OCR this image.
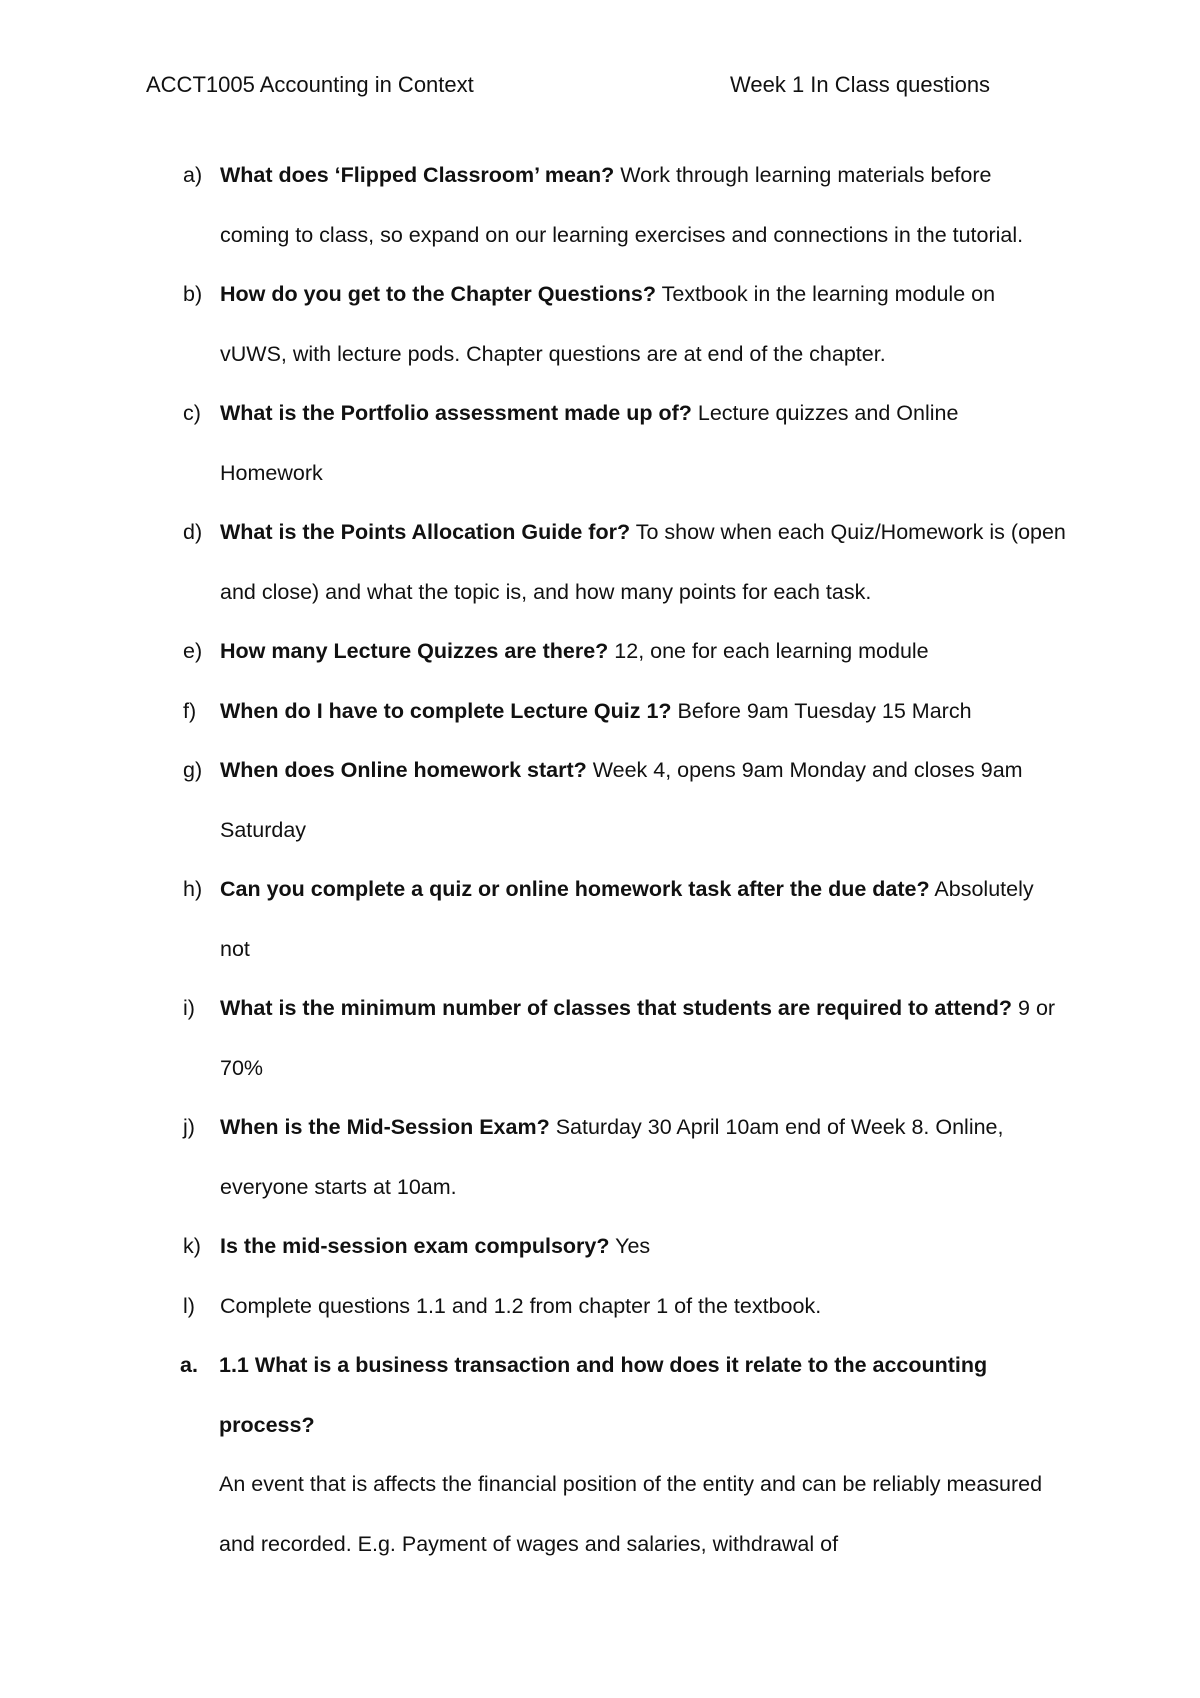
ACCT1005 Accounting in Context	Week 1 In Class questions
a) What does ‘Flipped Classroom’ mean? Work through learning materials before coming to class, so expand on our learning exercises and connections in the tutorial.
b) How do you get to the Chapter Questions? Textbook in the learning module on vUWS, with lecture pods. Chapter questions are at end of the chapter.
c) What is the Portfolio assessment made up of? Lecture quizzes and Online Homework
d) What is the Points Allocation Guide for? To show when each Quiz/Homework is (open and close) and what the topic is, and how many points for each task.
e) How many Lecture Quizzes are there? 12, one for each learning module
f) When do I have to complete Lecture Quiz 1? Before 9am Tuesday 15 March
g) When does Online homework start? Week 4, opens 9am Monday and closes 9am Saturday
h) Can you complete a quiz or online homework task after the due date? Absolutely not
i) What is the minimum number of classes that students are required to attend? 9 or 70%
j) When is the Mid-Session Exam? Saturday 30 April 10am end of Week 8. Online, everyone starts at 10am.
k) Is the mid-session exam compulsory? Yes
l) Complete questions 1.1 and 1.2 from chapter 1 of the textbook.
a. 1.1 What is a business transaction and how does it relate to the accounting process?
An event that is affects the financial position of the entity and can be reliably measured and recorded. E.g. Payment of wages and salaries, withdrawal of
